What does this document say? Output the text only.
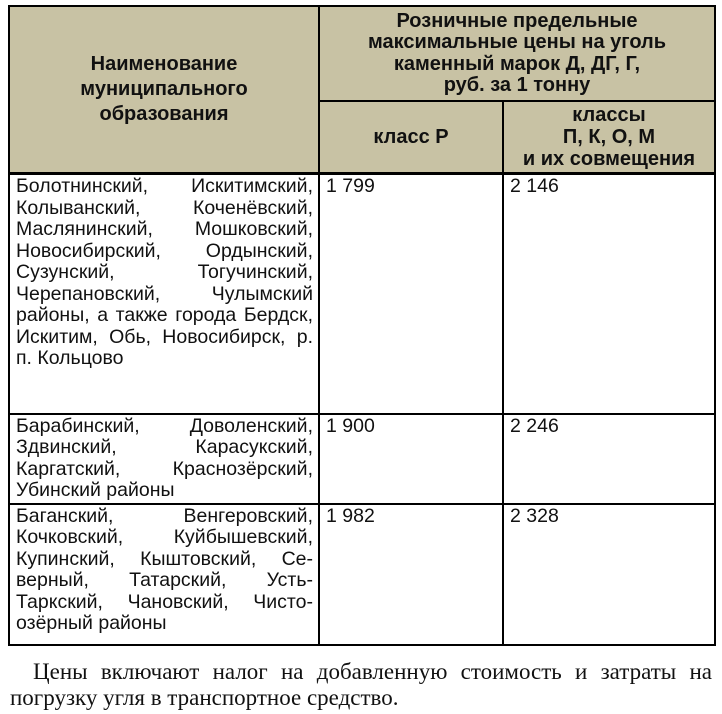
Наименование
муниципального
образования

Розничные предельные
максимальные цены на уголь
каменный марок Д, ДГ, Г,
руб. за 1 тонну

	класс Р	классы
П, К, О, М
и их совмещения

Болотнинский, Искитимский, Колыванский, Коченёвский, Маслянинский, Мошковский, Новосибирский, Ордынский, Сузунский, Тогучинский, Черепановский, Чулымский районы, а также города Бердск, Искитим, Обь, Новосибирск, р. п. Кольцово	1 799	2 146
Барабинский, Доволенский, Здвинский, Карасукский, Каргатский, Краснозёрский, Убинский районы	1 900	2 246
Баганский, Венгеровский, Кочковский, Куйбышевский, Купинский, Кыштовский, Северный, Татарский, Усть-Таркский, Чановский, Чистоозёрный районы	1 982	2 328

Цены включают налог на добавленную стоимость и затраты на погрузку угля в транспортное средство.
